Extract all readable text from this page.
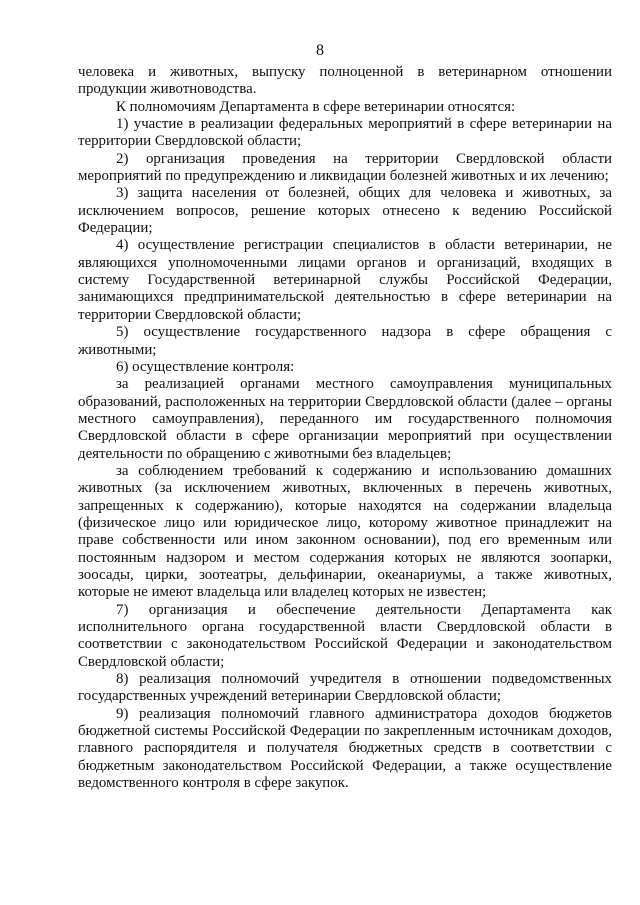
8

человека и животных, выпуску полноценной в ветеринарном отношении продукции животноводства.

К полномочиям Департамента в сфере ветеринарии относятся:

1) участие в реализации федеральных мероприятий в сфере ветеринарии на территории Свердловской области;

2) организация проведения на территории Свердловской области мероприятий по предупреждению и ликвидации болезней животных и их лечению;

3) защита населения от болезней, общих для человека и животных, за исключением вопросов, решение которых отнесено к ведению Российской Федерации;

4) осуществление регистрации специалистов в области ветеринарии, не являющихся уполномоченными лицами органов и организаций, входящих в систему Государственной ветеринарной службы Российской Федерации, занимающихся предпринимательской деятельностью в сфере ветеринарии на территории Свердловской области;

5) осуществление государственного надзора в сфере обращения с животными;

6) осуществление контроля:

за реализацией органами местного самоуправления муниципальных образований, расположенных на территории Свердловской области (далее – органы местного самоуправления), переданного им государственного полномочия Свердловской области в сфере организации мероприятий при осуществлении деятельности по обращению с животными без владельцев;

за соблюдением требований к содержанию и использованию домашних животных (за исключением животных, включенных в перечень животных, запрещенных к содержанию), которые находятся на содержании владельца (физическое лицо или юридическое лицо, которому животное принадлежит на праве собственности или ином законном основании), под его временным или постоянным надзором и местом содержания которых не являются зоопарки, зоосады, цирки, зоотеатры, дельфинарии, океанариумы, а также животных, которые не имеют владельца или владелец которых не известен;

7) организация и обеспечение деятельности Департамента как исполнительного органа государственной власти Свердловской области в соответствии с законодательством Российской Федерации и законодательством Свердловской области;

8) реализация полномочий учредителя в отношении подведомственных государственных учреждений ветеринарии Свердловской области;

9) реализация полномочий главного администратора доходов бюджетов бюджетной системы Российской Федерации по закрепленным источникам доходов, главного распорядителя и получателя бюджетных средств в соответствии с бюджетным законодательством Российской Федерации, а также осуществление ведомственного контроля в сфере закупок.
